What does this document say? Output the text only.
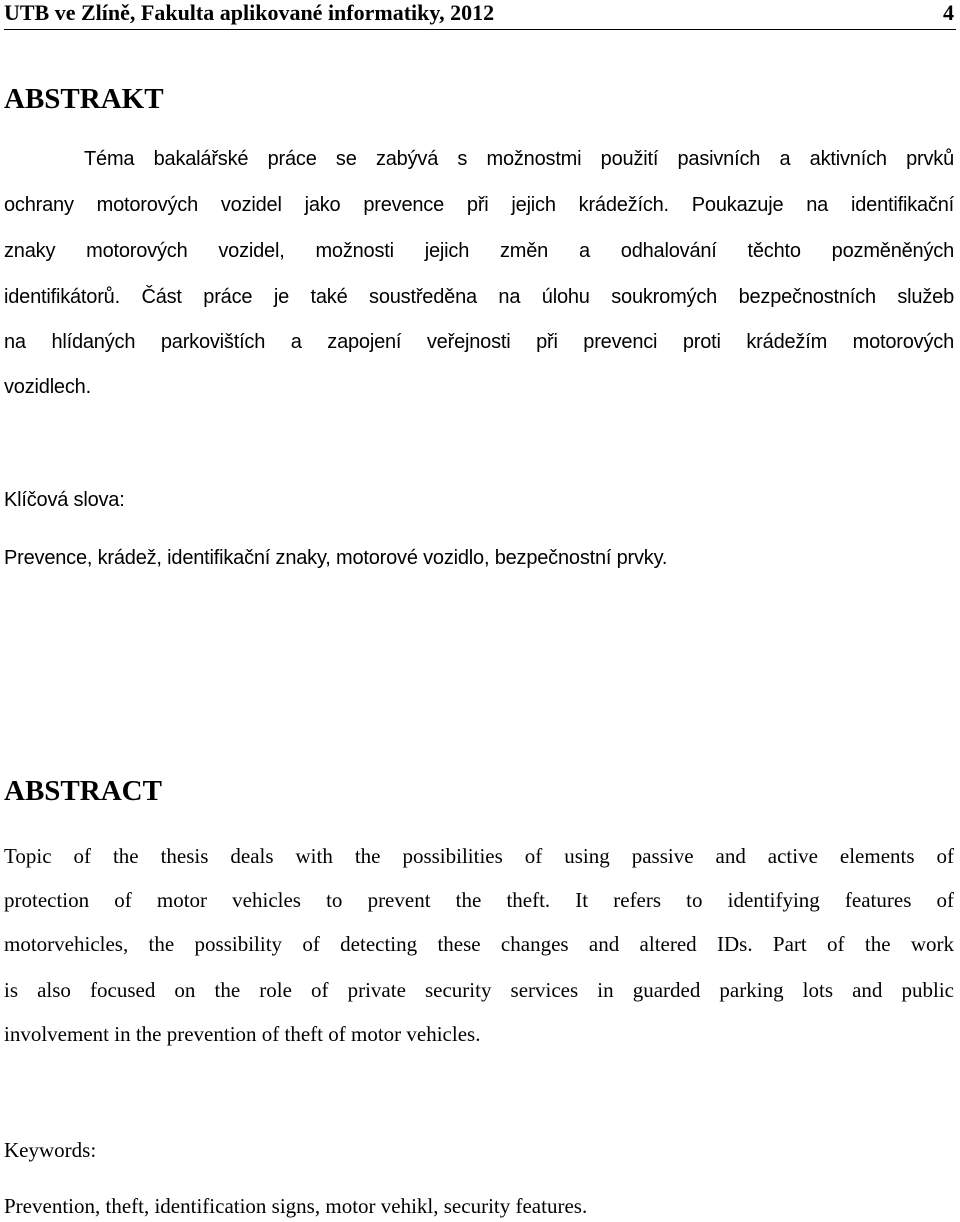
UTB ve Zlíně, Fakulta aplikované informatiky, 2012	4
ABSTRAKT
Téma bakalářské práce se zabývá s možnostmi použití pasivních a aktivních prvků
ochrany motorových vozidel jako prevence při jejich krádežích. Poukazuje na identifikační
znaky motorových vozidel, možnosti jejich změn a odhalování těchto pozměněných
identifikátorů. Část práce je také soustředěna na úlohu soukromých bezpečnostních služeb
na hlídaných parkovištích a zapojení veřejnosti při prevenci proti krádežím motorových
vozidlech.
Klíčová slova:
Prevence, krádež, identifikační znaky, motorové vozidlo, bezpečnostní prvky.
ABSTRACT
Topic of the thesis deals with the possibilities of using passive and active elements of
protection of motor vehicles to prevent the theft. It refers to identifying features of
motorvehicles, the possibility of detecting these changes and altered IDs. Part of the work
is also focused on the role of private security services in guarded parking lots and public
involvement in the prevention of theft of motor vehicles.
Keywords:
Prevention, theft, identification signs, motor vehikl, security features.
